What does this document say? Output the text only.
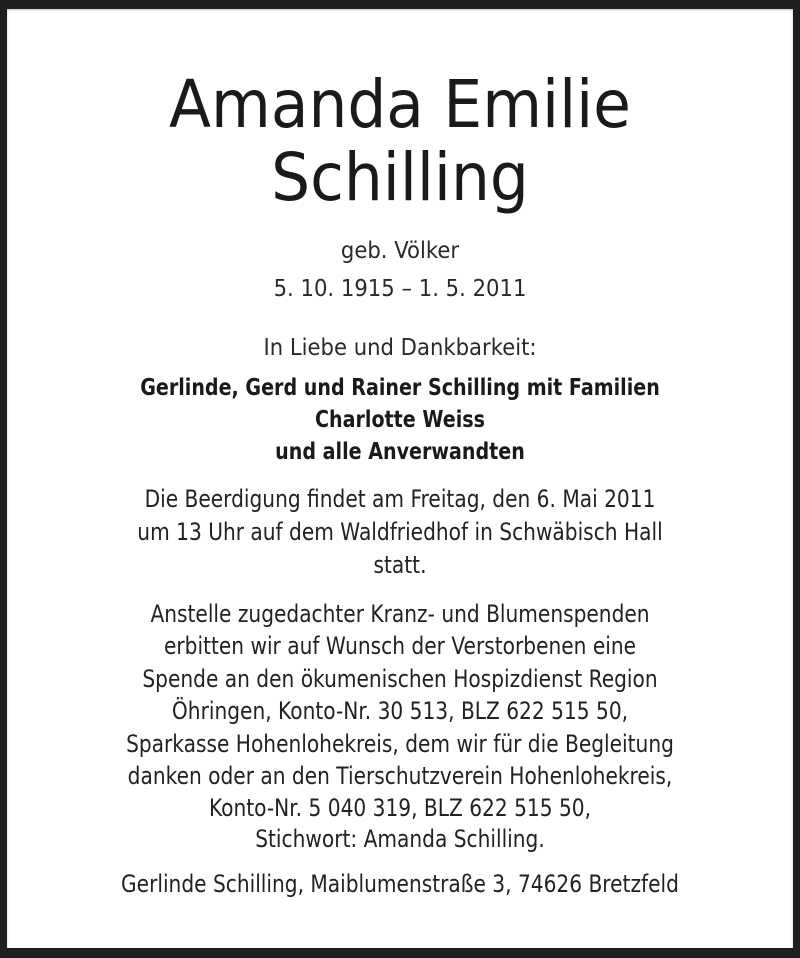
Amanda Emilie
Schilling
geb. Völker
5. 10. 1915 – 1. 5. 2011
In Liebe und Dankbarkeit:
Gerlinde, Gerd und Rainer Schilling mit Familien
Charlotte Weiss
und alle Anverwandten
Die Beerdigung findet am Freitag, den 6. Mai 2011
um 13 Uhr auf dem Waldfriedhof in Schwäbisch Hall
statt.
Anstelle zugedachter Kranz- und Blumenspenden
erbitten wir auf Wunsch der Verstorbenen eine
Spende an den ökumenischen Hospizdienst Region
Öhringen, Konto-Nr. 30 513, BLZ 622 515 50,
Sparkasse Hohenlohekreis, dem wir für die Begleitung
danken oder an den Tierschutzverein Hohenlohekreis,
Konto-Nr. 5 040 319, BLZ 622 515 50,
Stichwort: Amanda Schilling.
Gerlinde Schilling, Maiblumenstraße 3, 74626 Bretzfeld
